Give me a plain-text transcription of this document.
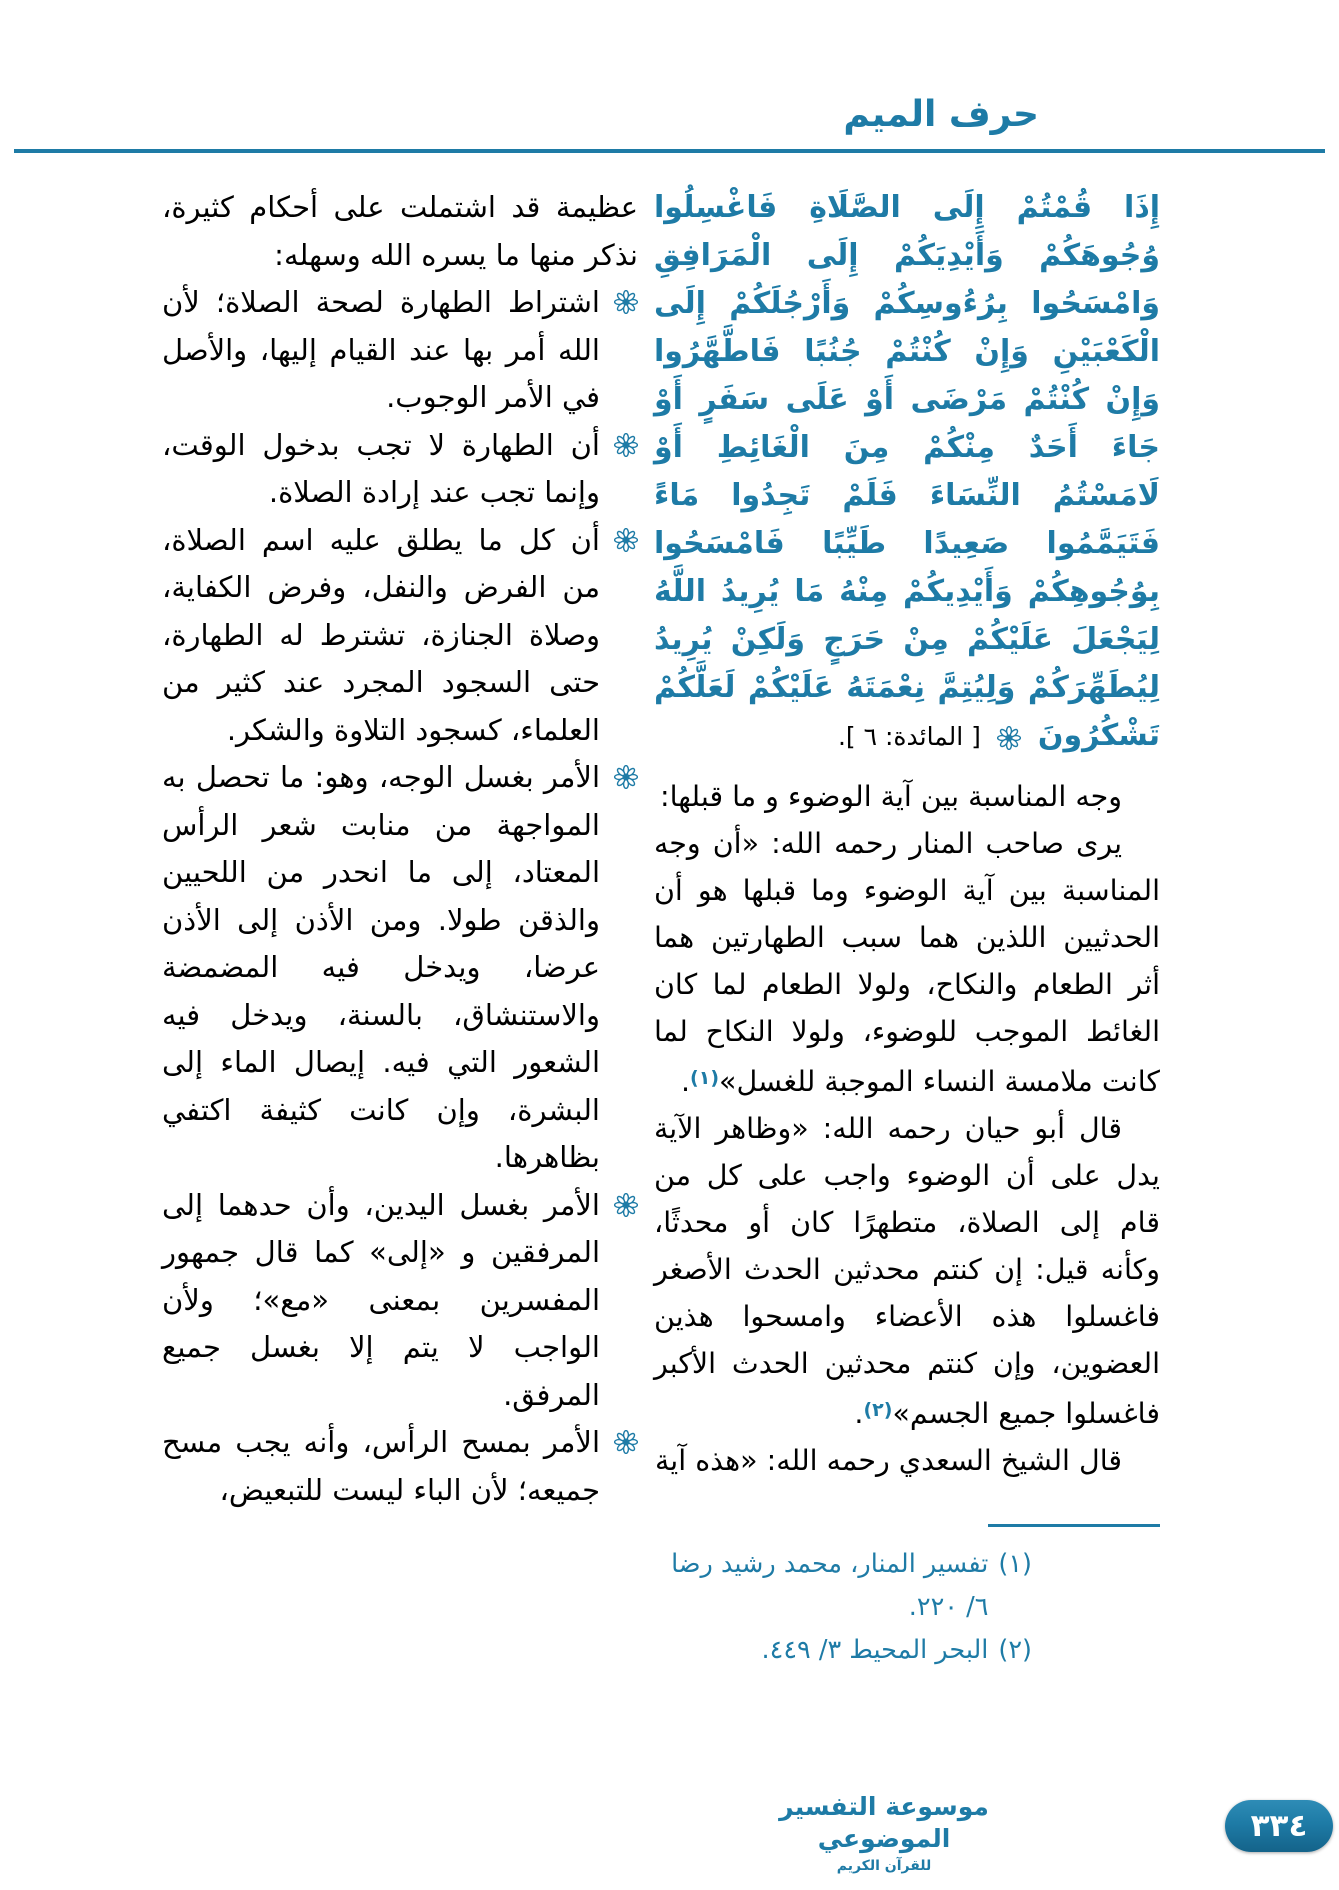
حرف الميم

إِذَا قُمْتُمْ إِلَى الصَّلَاةِ فَاغْسِلُوا وُجُوهَكُمْ وَأَيْدِيَكُمْ إِلَى الْمَرَافِقِ وَامْسَحُوا بِرُءُوسِكُمْ وَأَرْجُلَكُمْ إِلَى الْكَعْبَيْنِ وَإِنْ كُنْتُمْ جُنُبًا فَاطَّهَّرُوا وَإِنْ كُنْتُمْ مَرْضَى أَوْ عَلَى سَفَرٍ أَوْ جَاءَ أَحَدٌ مِنْكُمْ مِنَ الْغَائِطِ أَوْ لَامَسْتُمُ النِّسَاءَ فَلَمْ تَجِدُوا مَاءً فَتَيَمَّمُوا صَعِيدًا طَيِّبًا فَامْسَحُوا بِوُجُوهِكُمْ وَأَيْدِيكُمْ مِنْهُ مَا يُرِيدُ اللَّهُ لِيَجْعَلَ عَلَيْكُمْ مِنْ حَرَجٍ وَلَكِنْ يُرِيدُ لِيُطَهِّرَكُمْ وَلِيُتِمَّ نِعْمَتَهُ عَلَيْكُمْ لَعَلَّكُمْ تَشْكُرُونَ
[ المائدة: ٦ ].

وجه المناسبة بين آية الوضوء و ما قبلها:

يرى صاحب المنار رحمه الله: «أن وجه المناسبة بين آية الوضوء وما قبلها هو أن الحدثيين اللذين هما سبب الطهارتين هما أثر الطعام والنكاح، ولولا الطعام لما كان الغائط الموجب للوضوء، ولولا النكاح لما كانت ملامسة النساء الموجبة للغسل»$^{(١)}$.

قال أبو حيان رحمه الله: «وظاهر الآية يدل على أن الوضوء واجب على كل من قام إلى الصلاة، متطهرًا كان أو محدثًا، وكأنه قيل: إن كنتم محدثين الحدث الأصغر فاغسلوا هذه الأعضاء وامسحوا هذين العضوين، وإن كنتم محدثين الحدث الأكبر فاغسلوا جميع الجسم»$^{(٢)}$.

قال الشيخ السعدي رحمه الله: «هذه آية

(١)
تفسير المنار، محمد رشيد رضا ٦/ ٢٢٠.
(٢)
البحر المحيط ٣/ ٤٤٩.

عظيمة قد اشتملت على أحكام كثيرة، نذكر منها ما يسره الله وسهله:

اشتراط الطهارة لصحة الصلاة؛ لأن الله أمر بها عند القيام إليها، والأصل في الأمر الوجوب.
أن الطهارة لا تجب بدخول الوقت، وإنما تجب عند إرادة الصلاة.
أن كل ما يطلق عليه اسم الصلاة، من الفرض والنفل، وفرض الكفاية، وصلاة الجنازة، تشترط له الطهارة، حتى السجود المجرد عند كثير من العلماء، كسجود التلاوة والشكر.
الأمر بغسل الوجه، وهو: ما تحصل به المواجهة من منابت شعر الرأس المعتاد، إلى ما انحدر من اللحيين والذقن طولا. ومن الأذن إلى الأذن عرضا، ويدخل فيه المضمضة والاستنشاق، بالسنة، ويدخل فيه الشعور التي فيه. إيصال الماء إلى البشرة، وإن كانت كثيفة اكتفي بظاهرها.
الأمر بغسل اليدين، وأن حدهما إلى المرفقين و «إلى» كما قال جمهور المفسرين بمعنى «مع»؛ ولأن الواجب لا يتم إلا بغسل جميع المرفق.
الأمر بمسح الرأس، وأنه يجب مسح جميعه؛ لأن الباء ليست للتبعيض،
موسوعة التفسير الموضوعي
للقرآن الكريم
٣٣٤
